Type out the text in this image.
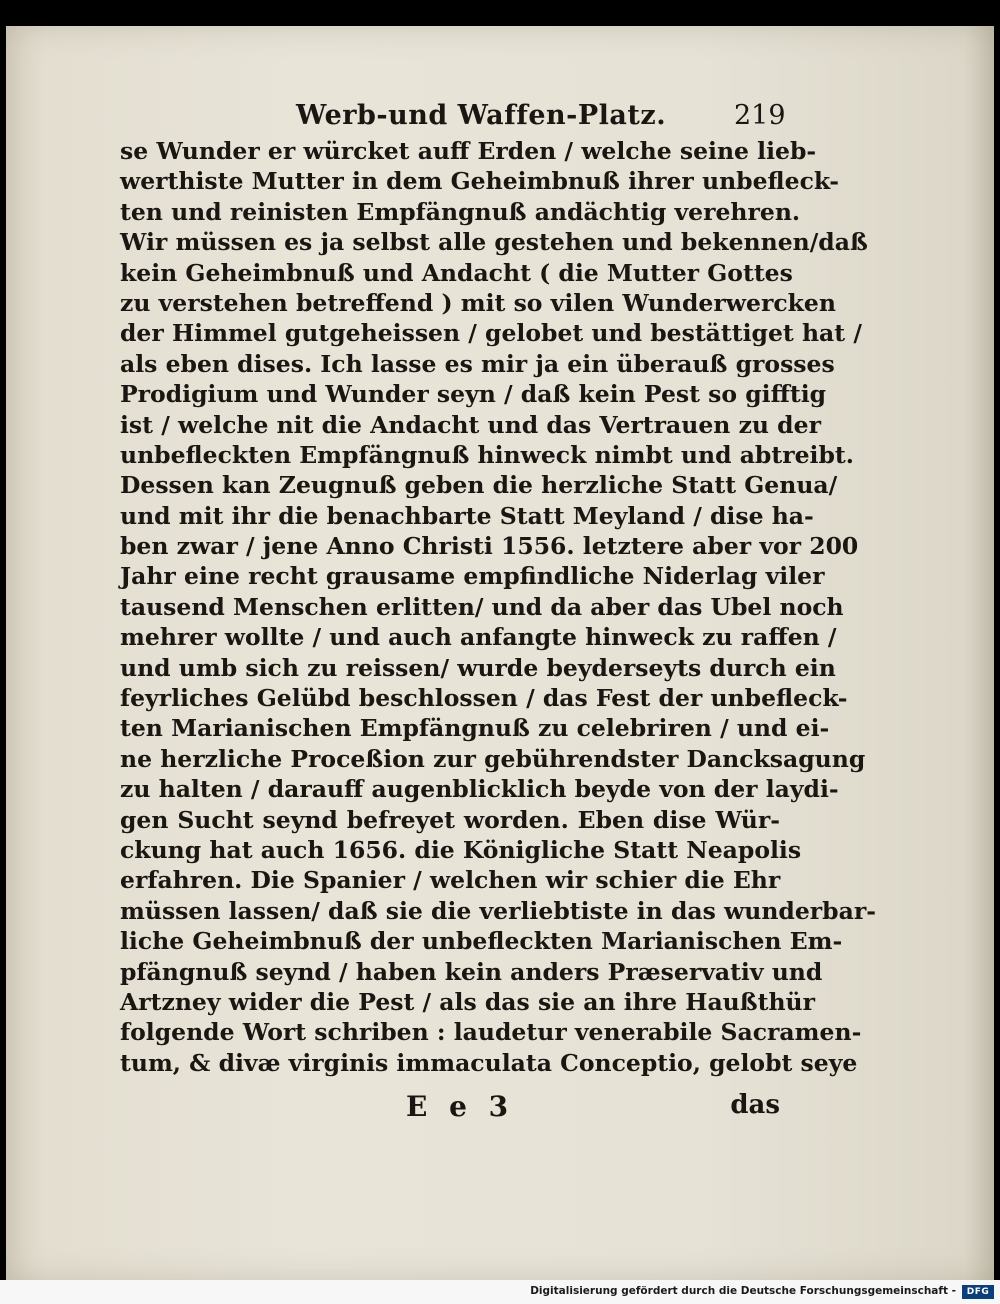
Werb-und Waffen-Platz.	219
se Wunder er würcket auff Erden / welche seine lieb-
werthiste Mutter in dem Geheimbnuß ihrer unbefleck-
ten und reinisten Empfängnuß andächtig verehren.
Wir müssen es ja selbst alle gestehen und bekennen/daß
kein Geheimbnuß und Andacht ( die Mutter Gottes
zu verstehen betreffend ) mit so vilen Wunderwercken
der Himmel gutgeheissen / gelobet und bestättiget hat /
als eben dises. Ich lasse es mir ja ein überauß grosses
Prodigium und Wunder seyn / daß kein Pest so gifftig
ist / welche nit die Andacht und das Vertrauen zu der
unbefleckten Empfängnuß hinweck nimbt und abtreibt.
Dessen kan Zeugnuß geben die herzliche Statt Genua/
und mit ihr die benachbarte Statt Meyland / dise ha-
ben zwar / jene Anno Christi 1556. letztere aber vor 200
Jahr eine recht grausame empfindliche Niderlag viler
tausend Menschen erlitten/ und da aber das Ubel noch
mehrer wollte / und auch anfangte hinweck zu raffen /
und umb sich zu reissen/ wurde beyderseyts durch ein
feyrliches Gelübd beschlossen / das Fest der unbefleck-
ten Marianischen Empfängnuß zu celebriren / und ei-
ne herzliche Proceßion zur gebührendster Dancksagung
zu halten / darauff augenblicklich beyde von der laydi-
gen Sucht seynd befreyet worden. Eben dise Wür-
ckung hat auch 1656. die Königliche Statt Neapolis
erfahren. Die Spanier / welchen wir schier die Ehr
müssen lassen/ daß sie die verliebtiste in das wunderbar-
liche Geheimbnuß der unbefleckten Marianischen Em-
pfängnuß seynd / haben kein anders Præservativ und
Artzney wider die Pest / als das sie an ihre Haußthür
folgende Wort schriben : laudetur venerabile Sacramen-
tum, & divæ virginis immaculata Conceptio, gelobt seye
E e 3	das
Digitalisierung gefördert durch die Deutsche Forschungsgemeinschaft -	DFG
